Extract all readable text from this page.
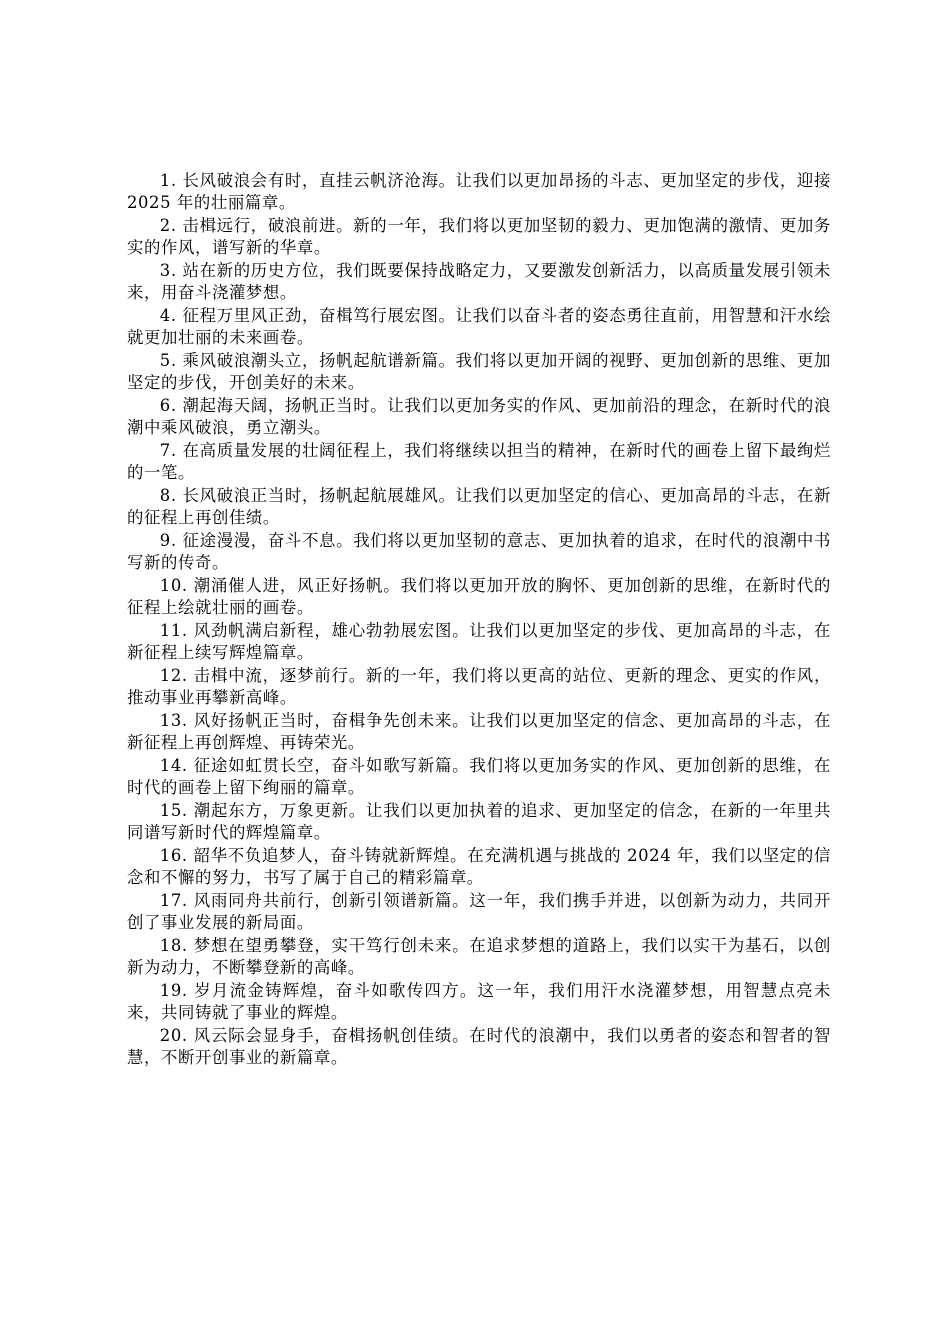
1. 长风破浪会有时，直挂云帆济沧海。让我们以更加昂扬的斗志、更加坚定的步伐，迎接 2025 年的壮丽篇章。

2. 击楫远行，破浪前进。新的一年，我们将以更加坚韧的毅力、更加饱满的激情、更加务实的作风，谱写新的华章。

3. 站在新的历史方位，我们既要保持战略定力，又要激发创新活力，以高质量发展引领未来，用奋斗浇灌梦想。

4. 征程万里风正劲，奋楫笃行展宏图。让我们以奋斗者的姿态勇往直前，用智慧和汗水绘就更加壮丽的未来画卷。

5. 乘风破浪潮头立，扬帆起航谱新篇。我们将以更加开阔的视野、更加创新的思维、更加坚定的步伐，开创美好的未来。

6. 潮起海天阔，扬帆正当时。让我们以更加务实的作风、更加前沿的理念，在新时代的浪潮中乘风破浪，勇立潮头。

7. 在高质量发展的壮阔征程上，我们将继续以担当的精神，在新时代的画卷上留下最绚烂的一笔。

8. 长风破浪正当时，扬帆起航展雄风。让我们以更加坚定的信心、更加高昂的斗志，在新的征程上再创佳绩。

9. 征途漫漫，奋斗不息。我们将以更加坚韧的意志、更加执着的追求，在时代的浪潮中书写新的传奇。

10. 潮涌催人进，风正好扬帆。我们将以更加开放的胸怀、更加创新的思维，在新时代的征程上绘就壮丽的画卷。

11. 风劲帆满启新程，雄心勃勃展宏图。让我们以更加坚定的步伐、更加高昂的斗志，在新征程上续写辉煌篇章。

12. 击楫中流，逐梦前行。新的一年，我们将以更高的站位、更新的理念、更实的作风，推动事业再攀新高峰。

13. 风好扬帆正当时，奋楫争先创未来。让我们以更加坚定的信念、更加高昂的斗志，在新征程上再创辉煌、再铸荣光。

14. 征途如虹贯长空，奋斗如歌写新篇。我们将以更加务实的作风、更加创新的思维，在时代的画卷上留下绚丽的篇章。

15. 潮起东方，万象更新。让我们以更加执着的追求、更加坚定的信念，在新的一年里共同谱写新时代的辉煌篇章。

16. 韶华不负追梦人，奋斗铸就新辉煌。在充满机遇与挑战的 2024 年，我们以坚定的信念和不懈的努力，书写了属于自己的精彩篇章。

17. 风雨同舟共前行，创新引领谱新篇。这一年，我们携手并进，以创新为动力，共同开创了事业发展的新局面。

18. 梦想在望勇攀登，实干笃行创未来。在追求梦想的道路上，我们以实干为基石，以创新为动力，不断攀登新的高峰。

19. 岁月流金铸辉煌，奋斗如歌传四方。这一年，我们用汗水浇灌梦想，用智慧点亮未来，共同铸就了事业的辉煌。

20. 风云际会显身手，奋楫扬帆创佳绩。在时代的浪潮中，我们以勇者的姿态和智者的智慧，不断开创事业的新篇章。
